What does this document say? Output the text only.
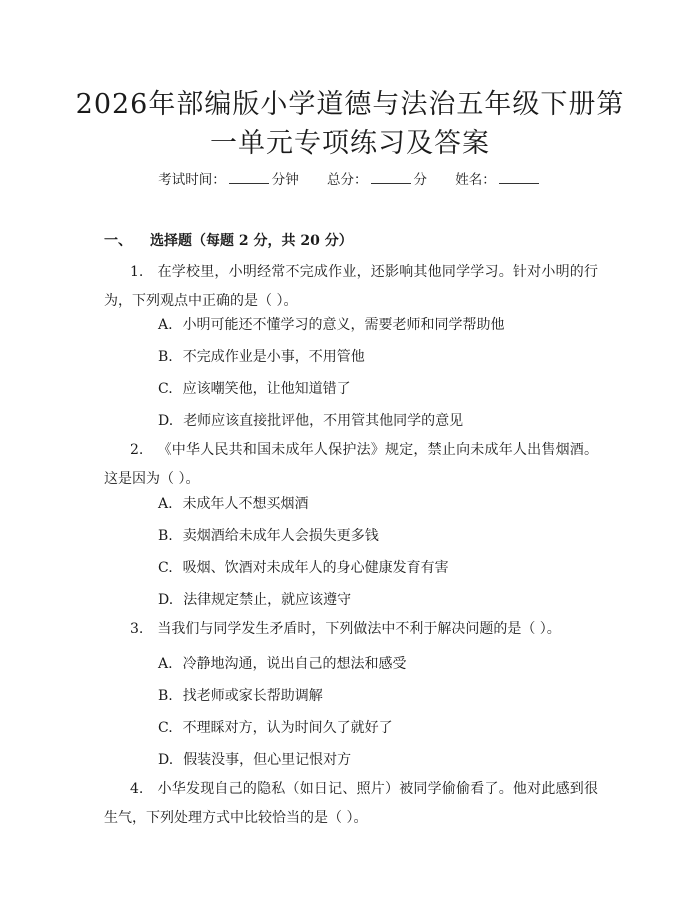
2026年部编版小学道德与法治五年级下册第
一单元专项练习及答案
考试时间：	分钟 总分：	分 姓名：
一、 选择题（每题 2 分，共 20 分）
1. 在学校里，小明经常不完成作业，还影响其他同学学习。针对小明的行为，下列观点中正确的是（ ）。
A. 小明可能还不懂学习的意义，需要老师和同学帮助他
B. 不完成作业是小事，不用管他
C. 应该嘲笑他，让他知道错了
D. 老师应该直接批评他，不用管其他同学的意见
2. 《中华人民共和国未成年人保护法》规定，禁止向未成年人出售烟酒。这是因为（ ）。
A. 未成年人不想买烟酒
B. 卖烟酒给未成年人会损失更多钱
C. 吸烟、饮酒对未成年人的身心健康发育有害
D. 法律规定禁止，就应该遵守
3. 当我们与同学发生矛盾时，下列做法中不利于解决问题的是（ ）。
A. 冷静地沟通，说出自己的想法和感受
B. 找老师或家长帮助调解
C. 不理睬对方，认为时间久了就好了
D. 假装没事，但心里记恨对方
4. 小华发现自己的隐私（如日记、照片）被同学偷偷看了。他对此感到很生气，下列处理方式中比较恰当的是（ ）。
